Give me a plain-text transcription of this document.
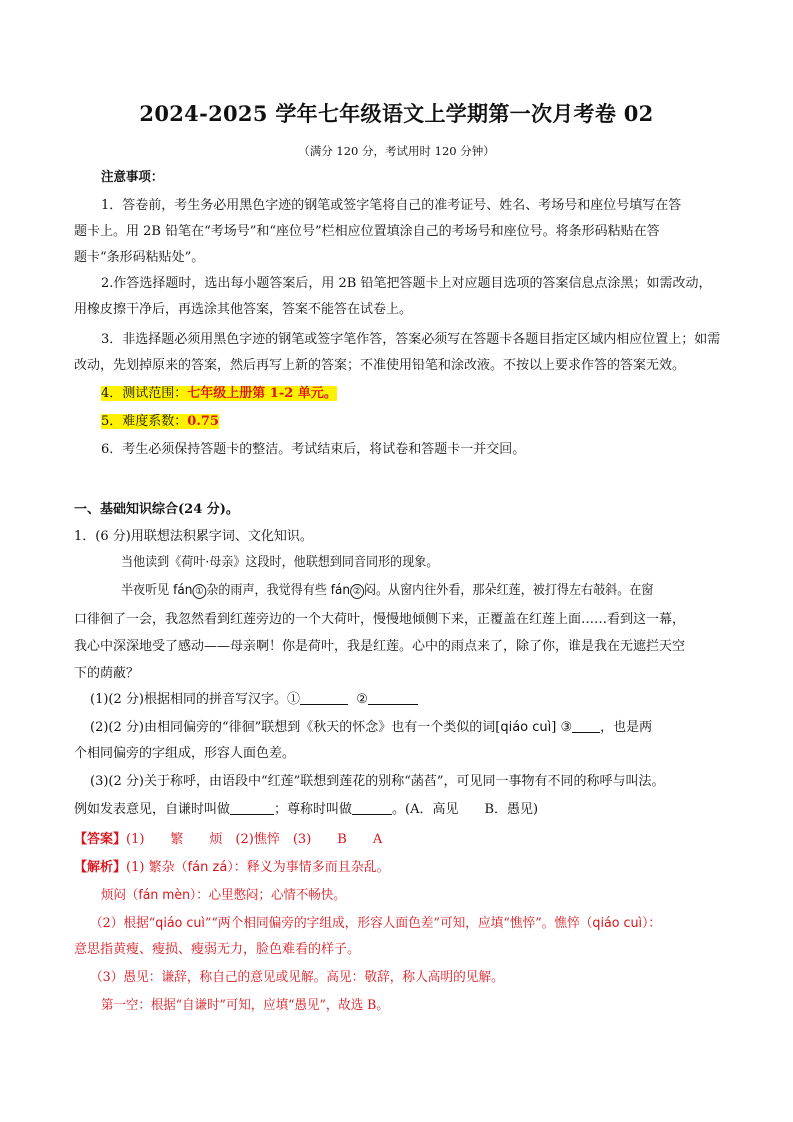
2024-2025 学年七年级语文上学期第一次月考卷 02
（满分 120 分，考试用时 120 分钟）
注意事项：
1．答卷前，考生务必用黑色字迹的钢笔或签字笔将自己的准考证号、姓名、考场号和座位号填写在答
题卡上。用 2B 铅笔在“考场号”和“座位号”栏相应位置填涂自己的考场号和座位号。将条形码粘贴在答
题卡“条形码粘贴处”。
2.作答选择题时，选出每小题答案后，用 2B 铅笔把答题卡上对应题目选项的答案信息点涂黑；如需改动，
用橡皮擦干净后，再选涂其他答案，答案不能答在试卷上。
3．非选择题必须用黑色字迹的钢笔或签字笔作答，答案必须写在答题卡各题目指定区域内相应位置上；如需
改动，先划掉原来的答案，然后再写上新的答案；不准使用铅笔和涂改液。不按以上要求作答的答案无效。
4．测试范围：七年级上册第 1-2 单元。
5．难度系数：0.75
6．考生必须保持答题卡的整洁。考试结束后，将试卷和答题卡一并交回。
一、基础知识综合(24 分)。
1．(6 分)用联想法积累字词、文化知识。
当他读到《荷叶·母亲》这段时，他联想到同音同形的现象。
半夜听见 fán ① 杂的雨声，我觉得有些 fán ② 闷。从窗内往外看，那朵红莲，被打得左右攲斜。在窗
口徘徊了一会，我忽然看到红莲旁边的一个大荷叶，慢慢地倾侧下来，正覆盖在红莲上面……看到这一幕，
我心中深深地受了感动——母亲啊！你是荷叶，我是红莲。心中的雨点来了，除了你，谁是我在无遮拦天空
下的荫蔽？
(1)(2 分)根据相同的拼音写汉字。①	②
(2)(2 分)由相同偏旁的“徘徊”联想到《秋天的怀念》也有一个类似的词[qiáo cuì] ③ ，也是两
个相同偏旁的字组成，形容人面色差。
(3)(2 分)关于称呼，由语段中“红莲”联想到莲花的别称“菡萏”，可见同一事物有不同的称呼与叫法。
例如发表意见，自谦时叫做	；尊称时叫做	。(A．高见　　B．愚见)
【答案】(1)　　繁　　烦　(2)憔悴　(3)　　B　　A
【解析】(1) 繁杂（fán zá）：释义为事情多而且杂乱。
烦闷（fán mèn）：心里憋闷；心情不畅快。
（2）根据“qiáo cuì”“两个相同偏旁的字组成，形容人面色差”可知，应填“憔悴”。憔悴（qiáo cuì）：
意思指黄瘦、瘦损、瘦弱无力，脸色难看的样子。
（3）愚见：谦辞，称自己的意见或见解。高见：敬辞，称人高明的见解。
第一空：根据“自谦时”可知，应填“愚见”，故选 B。
